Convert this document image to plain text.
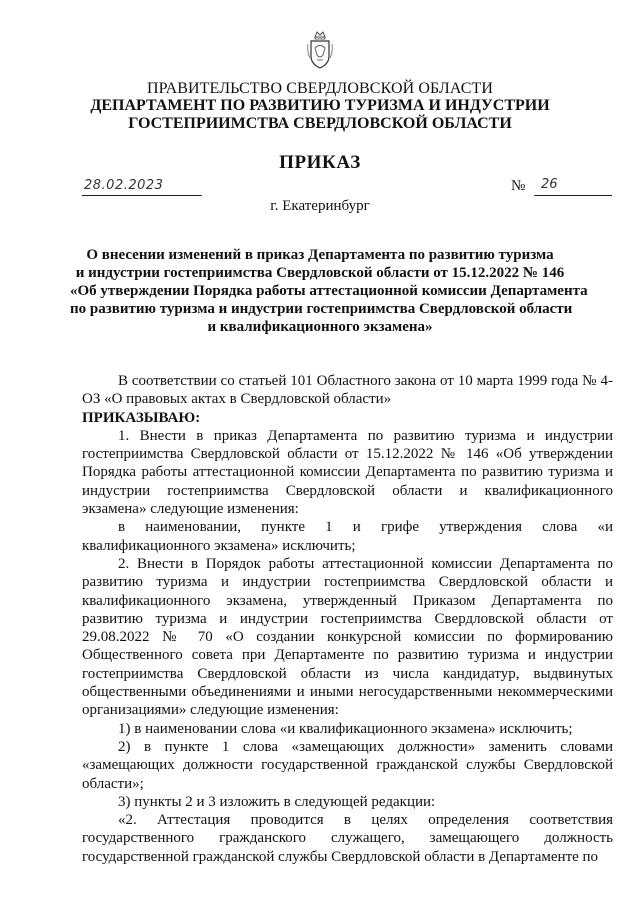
ПРАВИТЕЛЬСТВО СВЕРДЛОВСКОЙ ОБЛАСТИ
ДЕПАРТАМЕНТ ПО РАЗВИТИЮ ТУРИЗМА И ИНДУСТРИИ
ГОСТЕПРИИМСТВА СВЕРДЛОВСКОЙ ОБЛАСТИ
ПРИКАЗ
28.02.2023	№ 26
г. Екатеринбург
О внесении изменений в приказ Департамента по развитию туризма
и индустрии гостеприимства Свердловской области от 15.12.2022 № 146
«Об утверждении Порядка работы аттестационной комиссии Департамента
по развитию туризма и индустрии гостеприимства Свердловской области
и квалификационного экзамена»

В соответствии со статьей 101 Областного закона от 10 марта 1999 года № 4-ОЗ «О правовых актах в Свердловской области»

ПРИКАЗЫВАЮ:

1. Внести в приказ Департамента по развитию туризма и индустрии гостеприимства Свердловской области от 15.12.2022 № 146 «Об утверждении Порядка работы аттестационной комиссии Департамента по развитию туризма и индустрии гостеприимства Свердловской области и квалификационного экзамена» следующие изменения:

в наименовании, пункте 1 и грифе утверждения слова «и квалификационного экзамена» исключить;

2. Внести в Порядок работы аттестационной комиссии Департамента по развитию туризма и индустрии гостеприимства Свердловской области и квалификационного экзамена, утвержденный Приказом Департамента по развитию туризма и индустрии гостеприимства Свердловской области от 29.08.2022 № 70 «О создании конкурсной комиссии по формированию Общественного совета при Департаменте по развитию туризма и индустрии гостеприимства Свердловской области из числа кандидатур, выдвинутых общественными объединениями и иными негосударственными некоммерческими организациями» следующие изменения:

1) в наименовании слова «и квалификационного экзамена» исключить;

2) в пункте 1 слова «замещающих должности» заменить словами «замещающих должности государственной гражданской службы Свердловской области»;

3) пункты 2 и 3 изложить в следующей редакции:

«2. Аттестация проводится в целях определения соответствия государственного гражданского служащего, замещающего должность государственной гражданской службы Свердловской области в Департаменте по
